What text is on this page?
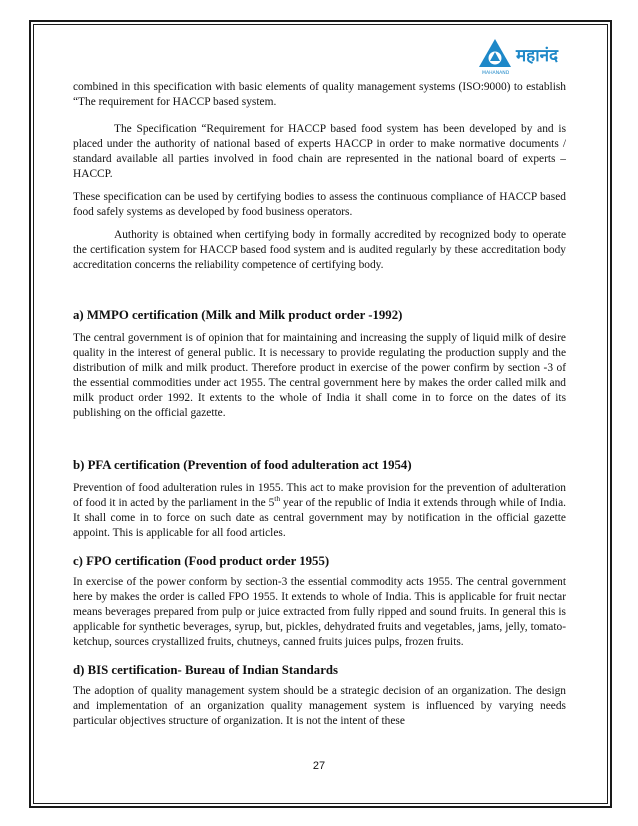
महानंद
MAHANAND

combined in this specification with basic elements of quality management systems (ISO:9000) to establish “The requirement for HACCP based system.

The Specification “Requirement for HACCP based food system has been developed by and is placed under the authority of national based of experts HACCP in order to make normative documents / standard available all parties involved in food chain are represented in the national board of experts – HACCP.

These specification can be used by certifying bodies to assess the continuous compliance of HACCP based food safely systems as developed by food business operators.

Authority is obtained when certifying body in formally accredited by recognized body to operate the certification system for HACCP based food system and is audited regularly by these accreditation body accreditation concerns the reliability competence of certifying body.

a) MMPO certification (Milk and Milk product order -1992)

The central government is of opinion that for maintaining and increasing the supply of liquid milk of desire quality in the interest of general public. It is necessary to provide regulating the production supply and the distribution of milk and milk product. Therefore product in exercise of the power confirm by section -3 of the essential commodities under act 1955. The central government here by makes the order called milk and milk product order 1992. It extents to the whole of India it shall come in to force on the dates of its publishing on the official gazette.

b) PFA certification (Prevention of food adulteration act 1954)

Prevention of food adulteration rules in 1955. This act to make provision for the prevention of adulteration of food it in acted by the parliament in the 5th year of the republic of India it extends through while of India. It shall come in to force on such date as central government may by notification in the official gazette appoint. This is applicable for all food articles.

c) FPO certification (Food product order 1955)

In exercise of the power conform by section-3 the essential commodity acts 1955. The central government here by makes the order is called FPO 1955. It extends to whole of India. This is applicable for fruit nectar means beverages prepared from pulp or juice extracted from fully ripped and sound fruits. In general this is applicable for synthetic beverages, syrup, but, pickles, dehydrated fruits and vegetables, jams, jelly, tomato-ketchup, sources crystallized fruits, chutneys, canned fruits juices pulps, frozen fruits.

d) BIS certification- Bureau of Indian Standards

The adoption of quality management system should be a strategic decision of an organization. The design and implementation of an organization quality management system is influenced by varying needs particular objectives structure of organization. It is not the intent of these

27
